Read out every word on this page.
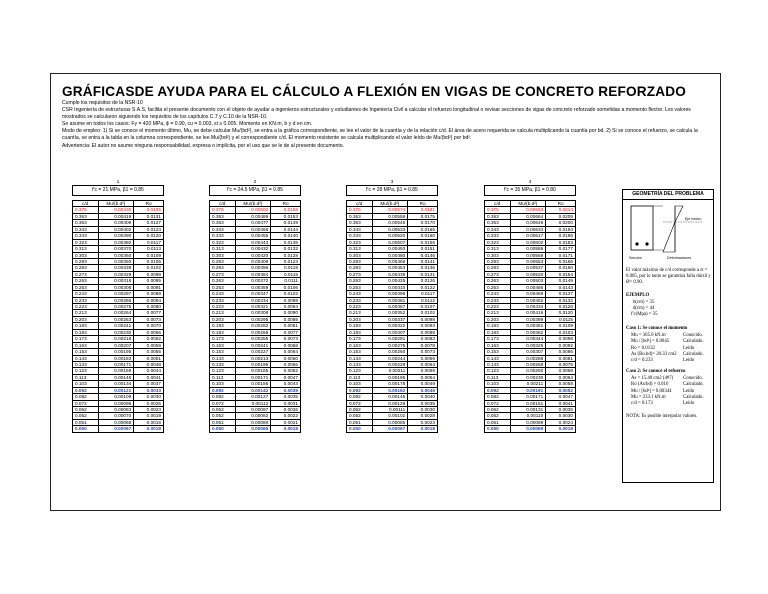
GRÁFICASDE AYUDA PARA EL CÁLCULO A FLEXIÓN EN VIGAS DE CONCRETO REFORZADO

Cumple los requisitos de la NSR-10

CSR Ingeniería de estructuras S.A.S, facilita el presente documento con el objeto de ayudar a ingenieros estructurales y estudiantes de Ingeniería Civil a calcular el refuerzo longitudinal o revisar secciones de vigas de concreto reforzado sometidas a momento flector. Los valores mostrados se calcularon siguiendo los requisitos de los capítulos C.7 y C.10 de la NSR-10.

Se asume en todos los casos: Fy = 420 MPa, ϕ = 0.90, cu = 0.003, εt ≥ 0.005. Momento en KN.m, b y d en cm.

Modo de empleo: 1) Si se conoce el momento último, Mu, se debe calcular Mu/(bd²), se entra a la gráfica correspondiente, se lee el valor de la cuantía y de la relación c/d. El área de acero requerida se calcula multiplicando la cuantía por bd. 2) Si se conoce el refuerzo, se calcula la cuantía, se entra a la tabla en la columna correspondiente, se lee Mu/(bd²) y el correspondiente c/d. El momento resistente se calcula multiplicando el valor leído de Mu/(bd²) por bd².

Advertencia: El autor no asume ninguna responsabilidad, expresa o implícita, por el uso que se le de al presente documento.

1
f'c = 21 MPa, β1 = 0.85		

c/d	Mu/(b.d²)	Ro
0.375	0.00430	0.0135
0.363	0.00419	0.0131
0.353	0.00409	0.0127
0.343	0.00402	0.0124
0.333	0.00390	0.0120
0.323	0.00380	0.0117
0.313	0.00370	0.0113
0.303	0.00360	0.0109
0.293	0.00350	0.0106
0.283	0.00339	0.0102
0.273	0.00329	0.0098
0.263	0.00318	0.0095
0.253	0.00308	0.0091
0.243	0.00297	0.0088
0.233	0.00286	0.0084
0.223	0.00275	0.0080
0.213	0.00264	0.0077
0.203	0.00253	0.0073
0.193	0.00241	0.0070
0.183	0.00230	0.0066
0.173	0.00218	0.0062
0.163	0.00207	0.0059
0.153	0.00195	0.0055
0.143	0.00183	0.0051
0.133	0.00171	0.0048
0.123	0.00159	0.0044
0.113	0.00146	0.0041
0.103	0.00134	0.0037
0.092	0.00121	0.0033
0.082	0.00109	0.0030
0.072	0.00096	0.0026
0.062	0.00083	0.0023
0.052	0.00070	0.0019
0.051	0.00068	0.0018
0.050	0.00067	0.0018
2
f'c = 24.5 MPa, β1 = 0.85		

c/d	Mu/(b.d²)	Ro
0.375	0.00502	0.0158
0.363	0.00489	0.0153
0.353	0.00477	0.0149
0.343	0.00466	0.0144
0.333	0.00455	0.0140
0.323	0.00443	0.0136
0.313	0.00432	0.0132
0.303	0.00420	0.0128
0.293	0.00408	0.0123
0.283	0.00396	0.0119
0.273	0.00384	0.0115
0.263	0.00372	0.0111
0.253	0.00359	0.0106
0.243	0.00347	0.0102
0.233	0.00334	0.0098
0.223	0.00321	0.0094
0.213	0.00308	0.0090
0.203	0.00295	0.0085
0.193	0.00282	0.0081
0.183	0.00268	0.0077
0.173	0.00255	0.0073
0.163	0.00241	0.0068
0.153	0.00227	0.0064
0.143	0.00213	0.0060
0.133	0.00199	0.0056
0.123	0.00185	0.0052
0.113	0.00171	0.0047
0.103	0.00156	0.0043
0.092	0.00142	0.0039
0.082	0.00127	0.0035
0.072	0.00112	0.0031
0.062	0.00097	0.0026
0.052	0.00082	0.0022
0.051	0.00080	0.0021
0.050	0.00066	0.0018
3
f'c = 28 MPa, β1 = 0.85		

c/d	Mu/(b.d²)	Ro
0.375	0.00574	0.0181
0.363	0.00558	0.0175
0.353	0.00546	0.0170
0.343	0.00533	0.0165
0.333	0.00520	0.0160
0.323	0.00507	0.0155
0.313	0.00493	0.0151
0.303	0.00480	0.0146
0.293	0.00466	0.0141
0.283	0.00453	0.0136
0.273	0.00439	0.0131
0.263	0.00425	0.0126
0.253	0.00410	0.0122
0.243	0.00396	0.0117
0.233	0.00381	0.0112
0.223	0.00367	0.0107
0.213	0.00352	0.0102
0.203	0.00337	0.0098
0.193	0.00322	0.0093
0.183	0.00307	0.0088
0.173	0.00291	0.0083
0.163	0.00275	0.0078
0.153	0.00260	0.0073
0.143	0.00244	0.0069
0.133	0.00228	0.0064
0.123	0.00211	0.0059
0.113	0.00195	0.0054
0.103	0.00178	0.0049
0.092	0.00162	0.0045
0.082	0.00145	0.0040
0.072	0.00128	0.0035
0.062	0.00111	0.0030
0.052	0.00102	0.0028
0.051	0.00085	0.0023
0.050	0.00067	0.0018
4
f'c = 35 MPa, β1 = 0.80		

c/d	Mu/(b.d²)	Ro
0.375	0.00683	0.0213
0.363	0.00664	0.0205
0.353	0.00649	0.0200
0.343	0.00633	0.0194
0.333	0.00617	0.0188
0.323	0.00602	0.0183
0.313	0.00586	0.0177
0.303	0.00569	0.0171
0.293	0.00553	0.0166
0.283	0.00537	0.0160
0.273	0.00520	0.0154
0.263	0.00503	0.0149
0.253	0.00486	0.0143
0.243	0.00469	0.0137
0.233	0.00452	0.0132
0.223	0.00434	0.0126
0.213	0.00416	0.0120
0.203	0.00399	0.0115
0.193	0.00381	0.0109
0.183	0.00362	0.0103
0.173	0.00344	0.0098
0.163	0.00325	0.0092
0.153	0.00307	0.0086
0.143	0.00288	0.0081
0.133	0.00269	0.0075
0.123	0.00250	0.0069
0.113	0.00230	0.0064
0.103	0.00211	0.0058
0.092	0.00191	0.0052
0.082	0.00171	0.0047
0.072	0.00151	0.0041
0.062	0.00131	0.0035
0.052	0.00110	0.0030
0.051	0.00089	0.0024
0.050	0.00069	0.0018
GEOMETRÍA DEL PROBLEMA
Eje neutro
Sección	Deformaciones
El valor máximo de c/d corresponde a εt = 0.005, por lo tanto se garantiza falla dúctil y Ø= 0.90.
EJEMPLO
b(cm) = 35
d(cm) = 44
f'c(Mpa) = 35
Caso 1: Se conoce el momento
Mu = 305.0 kN.m	Conocido.
Mu / [bd²] = 0.0045	Calculado.
Ro = 0.0132	Leído
As (Ro.bd)= 20.33 cm2 Calculado.
c/d = 0.233	Leído
Caso 2: Se conoce el refuerzo
As = 15.48 cm2 (4#7) Conocido.
Ro (As/bd) = 0.010	Calculado.
Mu / [bd²] = 0.00344 Leído
Mu = 233.1 kN.m	Calculado.
c/d = 0.173	Leído
NOTA: Es posible interpolar valores.
